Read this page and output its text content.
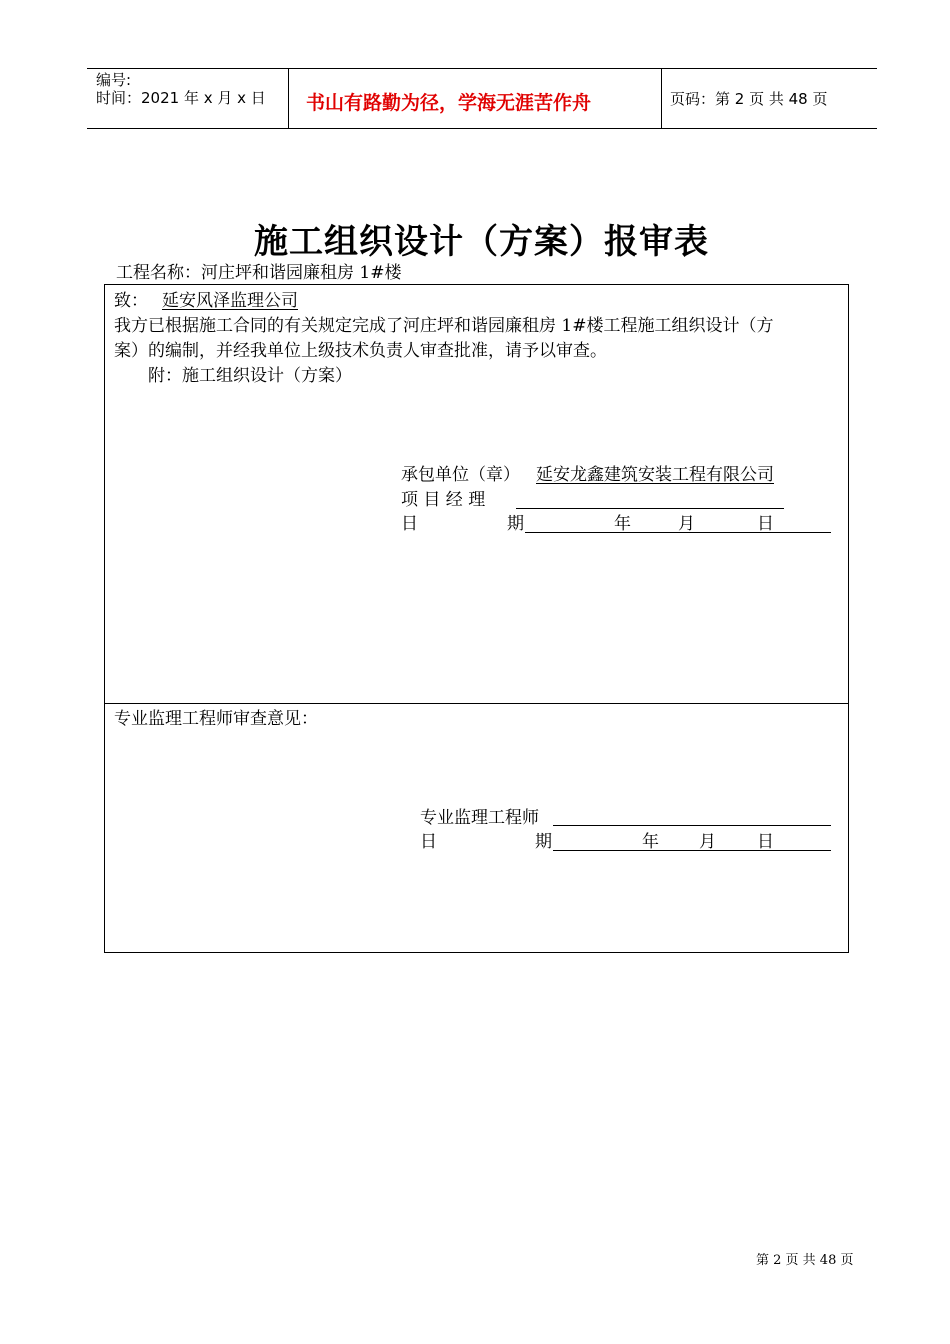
编号:
时间：2021 年 x 月 x 日 书山有路勤为径，学海无涯苦作舟	页码：第 2 页 共 48 页
施工组织设计（方案）报审表
工程名称：河庄坪和谐园廉租房 1#楼
致： 延安风泽监理公司
我方已根据施工合同的有关规定完成了河庄坪和谐园廉租房 1#楼工程施工组织设计（方
案）的编制，并经我单位上级技术负责人审查批准，请予以审查。
附：施工组织设计（方案）
承包单位（章） 延安龙鑫建筑安装工程有限公司
项 目 经 理
日	期	年	月	日
专业监理工程师审查意见：
专业监理工程师
日	期	年 月 日
第 2 页 共 48 页
